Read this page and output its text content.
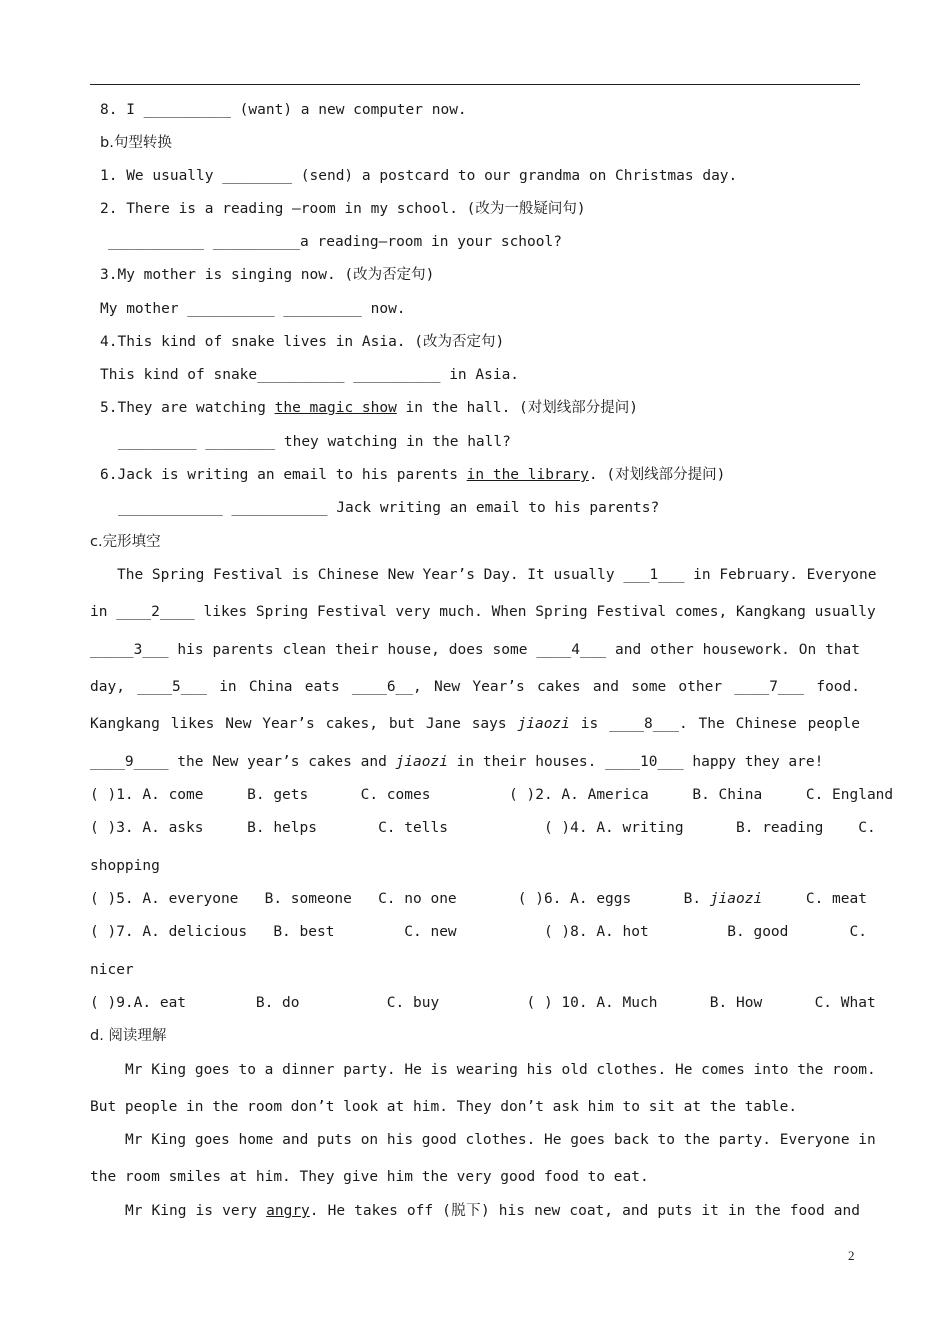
8. I __________ (want) a new computer now.
b.句型转换
1. We usually ________ (send) a postcard to our grandma on Christmas day.
2. There is a reading –room in my school. (改为一般疑问句)
___________ __________a reading—room in your school?
3.My mother is singing now. (改为否定句)
My mother __________ _________ now.
4.This kind of snake lives in Asia. (改为否定句)
This kind of snake__________ __________ in Asia.
5.They are watching the magic show in the hall. (对划线部分提问)
_________ ________ they watching in the hall?
6.Jack is writing an email to his parents in the library. (对划线部分提问)
____________ ___________ Jack writing an email to his parents?
c.完形填空
The Spring Festival is Chinese New Year’s Day. It usually ___1___ in February. Everyone
in ____2____ likes Spring Festival very much. When Spring Festival comes, Kangkang usually
_____3___ his parents clean their house, does some ____4___ and other housework. On that
day, ____5___ in China eats ____6__, New Year’s cakes and some other ____7___ food.
Kangkang likes New Year’s cakes, but Jane says jiaozi is ____8___. The Chinese people
____9____ the New year’s cakes and jiaozi in their houses. ____10___ happy they are!
( )1. A. come     B. gets      C. comes         ( )2. A. America     B. China     C. England
( )3. A. asks     B. helps       C. tells           ( )4. A. writing      B. reading    C.
shopping
( )5. A. everyone   B. someone   C. no one       ( )6. A. eggs      B. jiaozi     C. meat
( )7. A. delicious   B. best        C. new          ( )8. A. hot         B. good       C.
nicer
( )9.A. eat        B. do          C. buy          ( ) 10. A. Much      B. How      C. What
d. 阅读理解
Mr King goes to a dinner party. He is wearing his old clothes. He comes into the room.
But people in the room don’t look at him. They don’t ask him to sit at the table.
Mr King goes home and puts on his good clothes. He goes back to the party. Everyone in
the room smiles at him. They give him the very good food to eat.
Mr King is very angry. He takes off (脱下) his new coat, and puts it in the food and
2
